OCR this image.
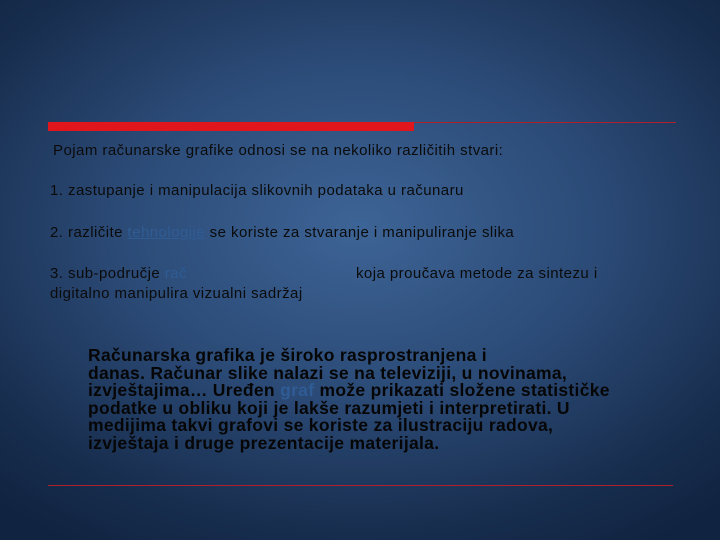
Pojam računarske grafike odnosi se na nekoliko različitih stvari:
1. zastupanje i manipulacija slikovnih podataka u računaru
2. različite tehnologije se koriste za stvaranje i manipuliranje slika
3. sub-područje rač	koja proučava metode za sintezu i
digitalno manipulira vizualni sadržaj
Računarska grafika je široko rasprostranjena i
danas. Računar slike nalazi se na televiziji, u novinama,
izvještajima… Uređen graf može prikazati složene statističke
podatke u obliku koji je lakše razumjeti i interpretirati. U
medijima takvi grafovi se koriste za ilustraciju radova,
izvještaja i druge prezentacije materijala.
